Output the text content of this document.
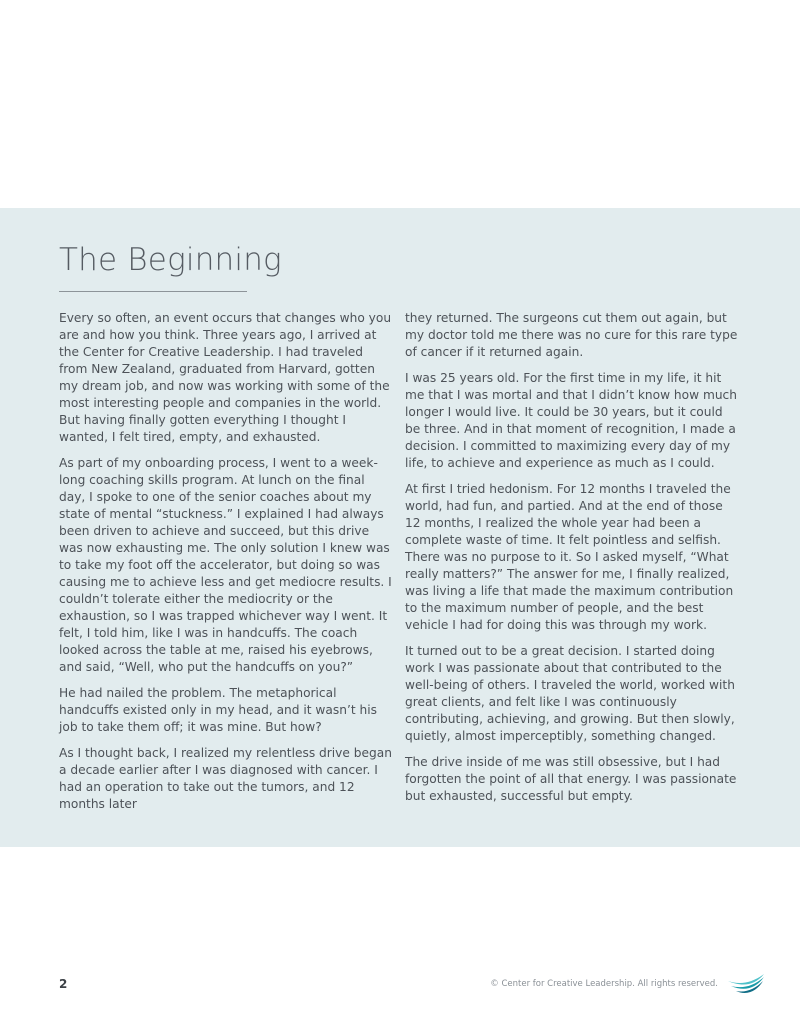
The Beginning

Every so often, an event occurs that changes who you are and how you think. Three years ago, I arrived at the Center for Creative Leadership. I had traveled from New Zealand, graduated from Harvard, gotten my dream job, and now was working with some of the most interesting people and companies in the world. But having finally gotten everything I thought I wanted, I felt tired, empty, and exhausted.

As part of my onboarding process, I went to a week-long coaching skills program. At lunch on the final day, I spoke to one of the senior coaches about my state of mental “stuckness.” I explained I had always been driven to achieve and succeed, but this drive was now exhausting me. The only solution I knew was to take my foot off the accelerator, but doing so was causing me to achieve less and get mediocre results. I couldn’t tolerate either the mediocrity or the exhaustion, so I was trapped whichever way I went. It felt, I told him, like I was in handcuffs. The coach looked across the table at me, raised his eyebrows, and said, “Well, who put the handcuffs on you?”

He had nailed the problem. The metaphorical handcuffs existed only in my head, and it wasn’t his job to take them off; it was mine. But how?

As I thought back, I realized my relentless drive began a decade earlier after I was diagnosed with cancer. I had an operation to take out the tumors, and 12 months later

they returned. The surgeons cut them out again, but my doctor told me there was no cure for this rare type of cancer if it returned again.

I was 25 years old. For the first time in my life, it hit me that I was mortal and that I didn’t know how much longer I would live. It could be 30 years, but it could be three. And in that moment of recognition, I made a decision. I committed to maximizing every day of my life, to achieve and experience as much as I could.

At first I tried hedonism. For 12 months I traveled the world, had fun, and partied. And at the end of those 12 months, I realized the whole year had been a complete waste of time. It felt pointless and selfish. There was no purpose to it. So I asked myself, “What really matters?” The answer for me, I finally realized, was living a life that made the maximum contribution to the maximum number of people, and the best vehicle I had for doing this was through my work.

It turned out to be a great decision. I started doing work I was passionate about that contributed to the well-being of others. I traveled the world, worked with great clients, and felt like I was continuously contributing, achieving, and growing. But then slowly, quietly, almost imperceptibly, something changed.

The drive inside of me was still obsessive, but I had forgotten the point of all that energy. I was passionate but exhausted, successful but empty.

2	© Center for Creative Leadership. All rights reserved.
